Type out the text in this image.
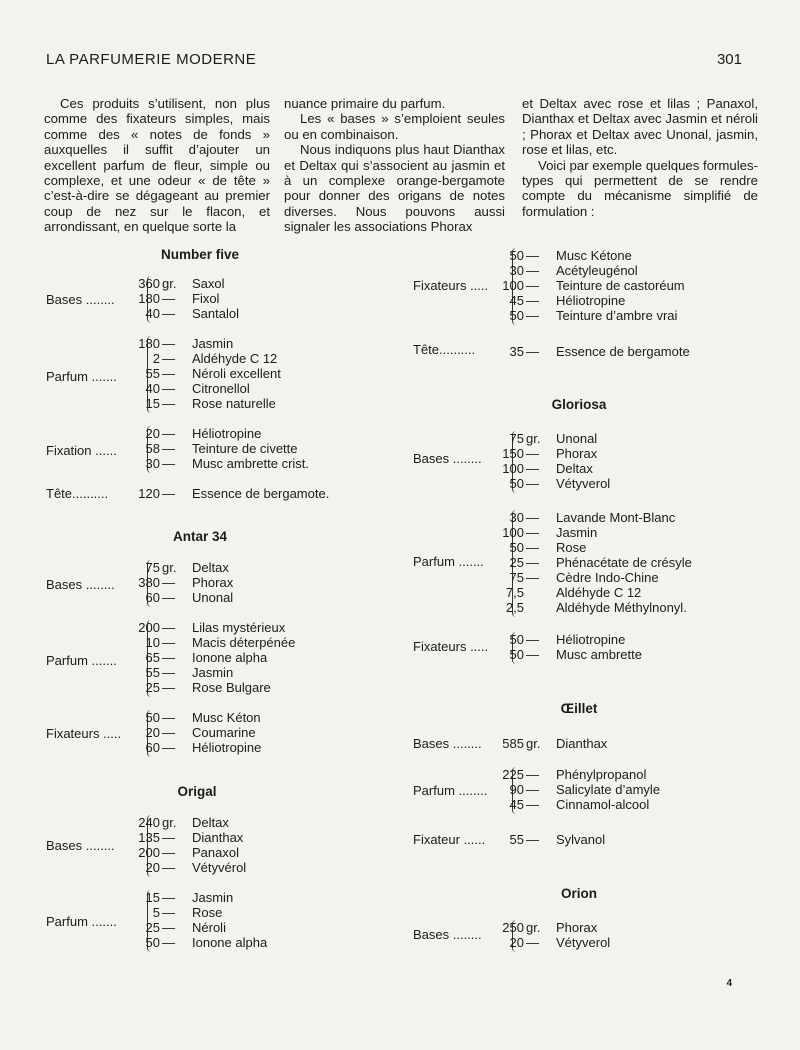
LA PARFUMERIE MODERNE	301

Ces produits s’utilisent, non plus comme des fixateurs simples, mais comme des « notes de fonds » auxquelles il suffit d’ajouter un excellent parfum de fleur, simple ou complexe, et une odeur « de tête » c’est-à-dire se dégageant au premier coup de nez sur le flacon, et arrondissant, en quelque sorte la

nuance primaire du parfum.

Les « bases » s’emploient seules ou en combinaison.

Nous indiquons plus haut Dianthax et Deltax qui s’associent au jasmin et à un complexe orange-bergamote pour donner des origans de notes diverses. Nous pouvons aussi signaler les associations Phorax

et Deltax avec rose et lilas ; Panaxol, Dianthax et Deltax avec Jasmin et néroli ; Phorax et Deltax avec Unonal, jasmin, rose et lilas, etc.

Voici par exemple quelques formules-types qui permettent de se rendre compte du mécanisme simplifié de formulation :

Number five
Bases ........
360 gr. Saxol
180 — Fixol
40 — Santalol
Parfum .......
180 — Jasmin
2 — Aldéhyde C 12
55 — Néroli excellent
40 — Citronellol
15 — Rose naturelle
Fixation ......
20 — Héliotropine
58 — Teinture de civette
30 — Musc ambrette crist.
Tête..........	120 — Essence de bergamote.
Antar 34
Bases ........
75 gr. Deltax
380 — Phorax
60 — Unonal
Parfum .......
200 — Lilas mystérieux
10 — Macis déterpénée
65 — Ionone alpha
55 — Jasmin
25 — Rose Bulgare
Fixateurs .....
50 — Musc Kéton
20 — Coumarine
60 — Héliotropine
Origal
Bases ........
240 gr. Deltax
135 — Dianthax
200 — Panaxol
20 — Vétyvérol
Parfum .......
15 — Jasmin
5 — Rose
25 — Néroli
50 — Ionone alpha
Fixateurs .....
50 — Musc Kétone
30 — Acétyleugénol
100 — Teinture de castoréum
45 — Héliotropine
50 — Teinture d’ambre vrai
Tête..........	35 — Essence de bergamote
Gloriosa
Bases ........
75 gr. Unonal
150 — Phorax
100 — Deltax
50 — Vétyverol
Parfum .......
30 — Lavande Mont-Blanc
100 — Jasmin
50 — Rose
25 — Phénacétate de crésyle
75 — Cèdre Indo-Chine
7,5 Aldéhyde C 12
2,5 Aldéhyde Méthylnonyl.
Fixateurs .....	50 — Héliotropine
50 — Musc ambrette
Œillet
Bases ........	585 gr. Dianthax
Parfum ........
225 — Phénylpropanol
90 — Salicylate d’amyle
45 — Cinnamol-alcool
Fixateur ......	55 — Sylvanol
Orion
Bases ........	250 gr. Phorax
20 — Vétyverol
4
